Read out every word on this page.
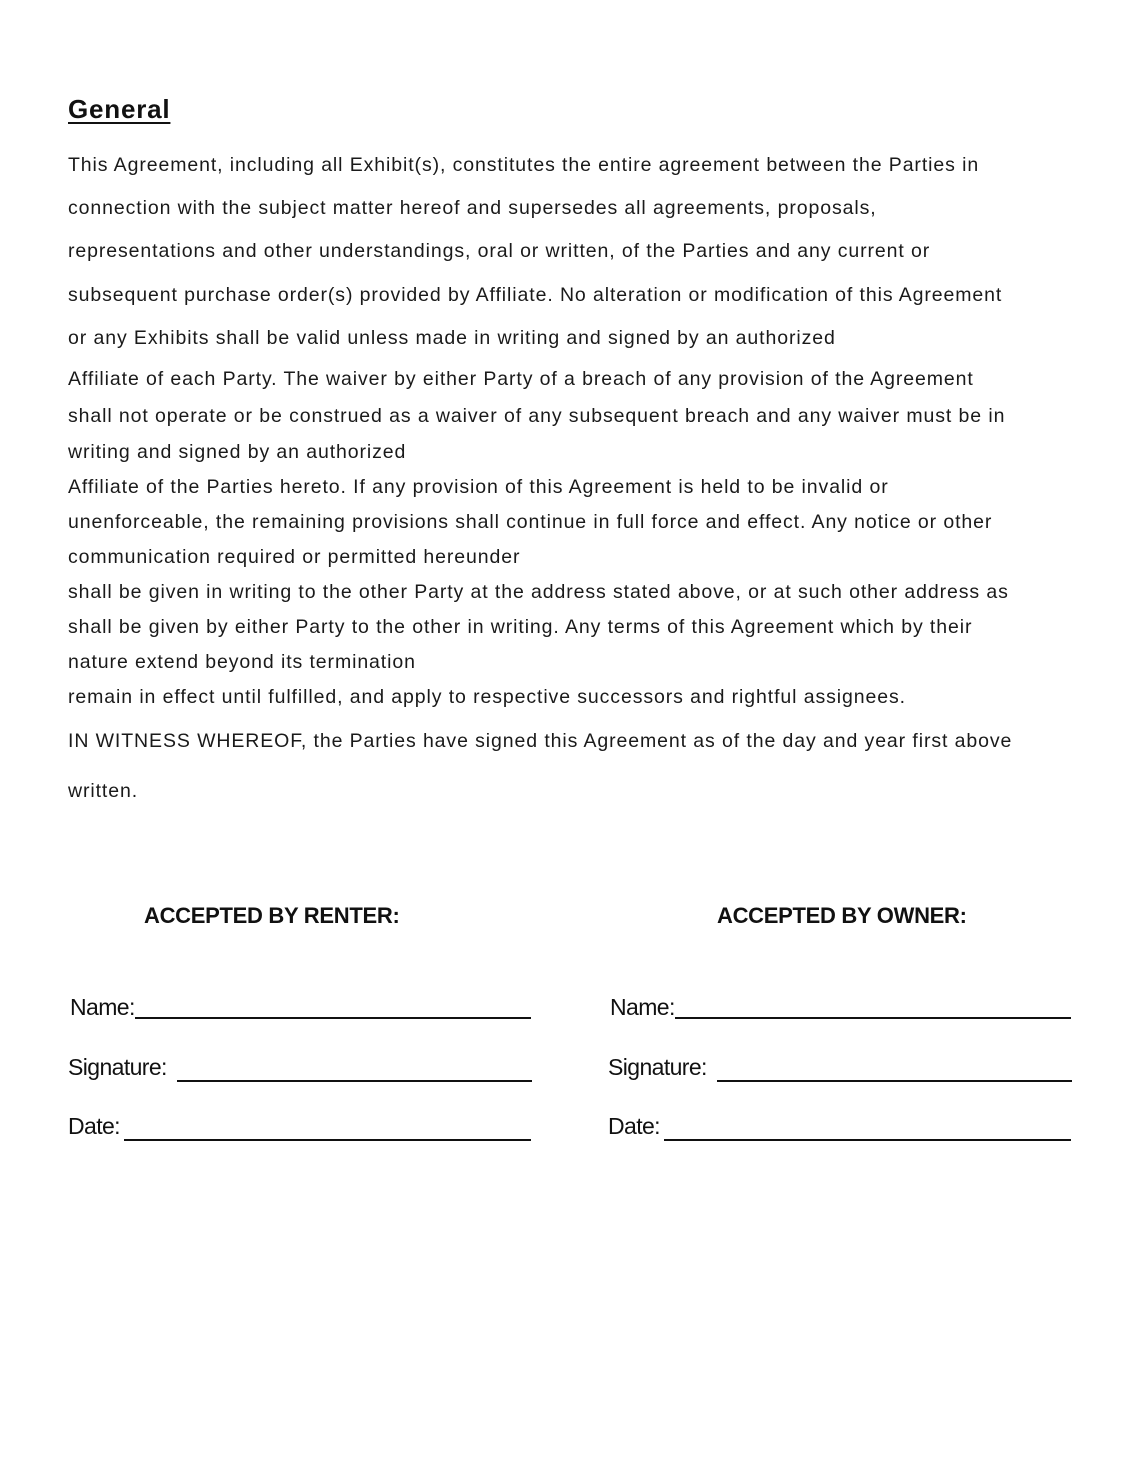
General
This Agreement, including all Exhibit(s), constitutes the entire agreement between the Parties in
connection with the subject matter hereof and supersedes all agreements, proposals,
representations and other understandings, oral or written, of the Parties and any current or
subsequent purchase order(s) provided by Affiliate. No alteration or modification of this Agreement
or any Exhibits shall be valid unless made in writing and signed by an authorized
Affiliate of each Party. The waiver by either Party of a breach of any provision of the Agreement
shall not operate or be construed as a waiver of any subsequent breach and any waiver must be in
writing and signed by an authorized
Affiliate of the Parties hereto. If any provision of this Agreement is held to be invalid or
unenforceable, the remaining provisions shall continue in full force and effect. Any notice or other
communication required or permitted hereunder
shall be given in writing to the other Party at the address stated above, or at such other address as
shall be given by either Party to the other in writing. Any terms of this Agreement which by their
nature extend beyond its termination
remain in effect until fulfilled, and apply to respective successors and rightful assignees.
IN WITNESS WHEREOF, the Parties have signed this Agreement as of the day and year first above
written.
ACCEPTED BY RENTER:
Name:
Signature:
Date:
ACCEPTED BY OWNER:
Name:
Signature:
Date:
